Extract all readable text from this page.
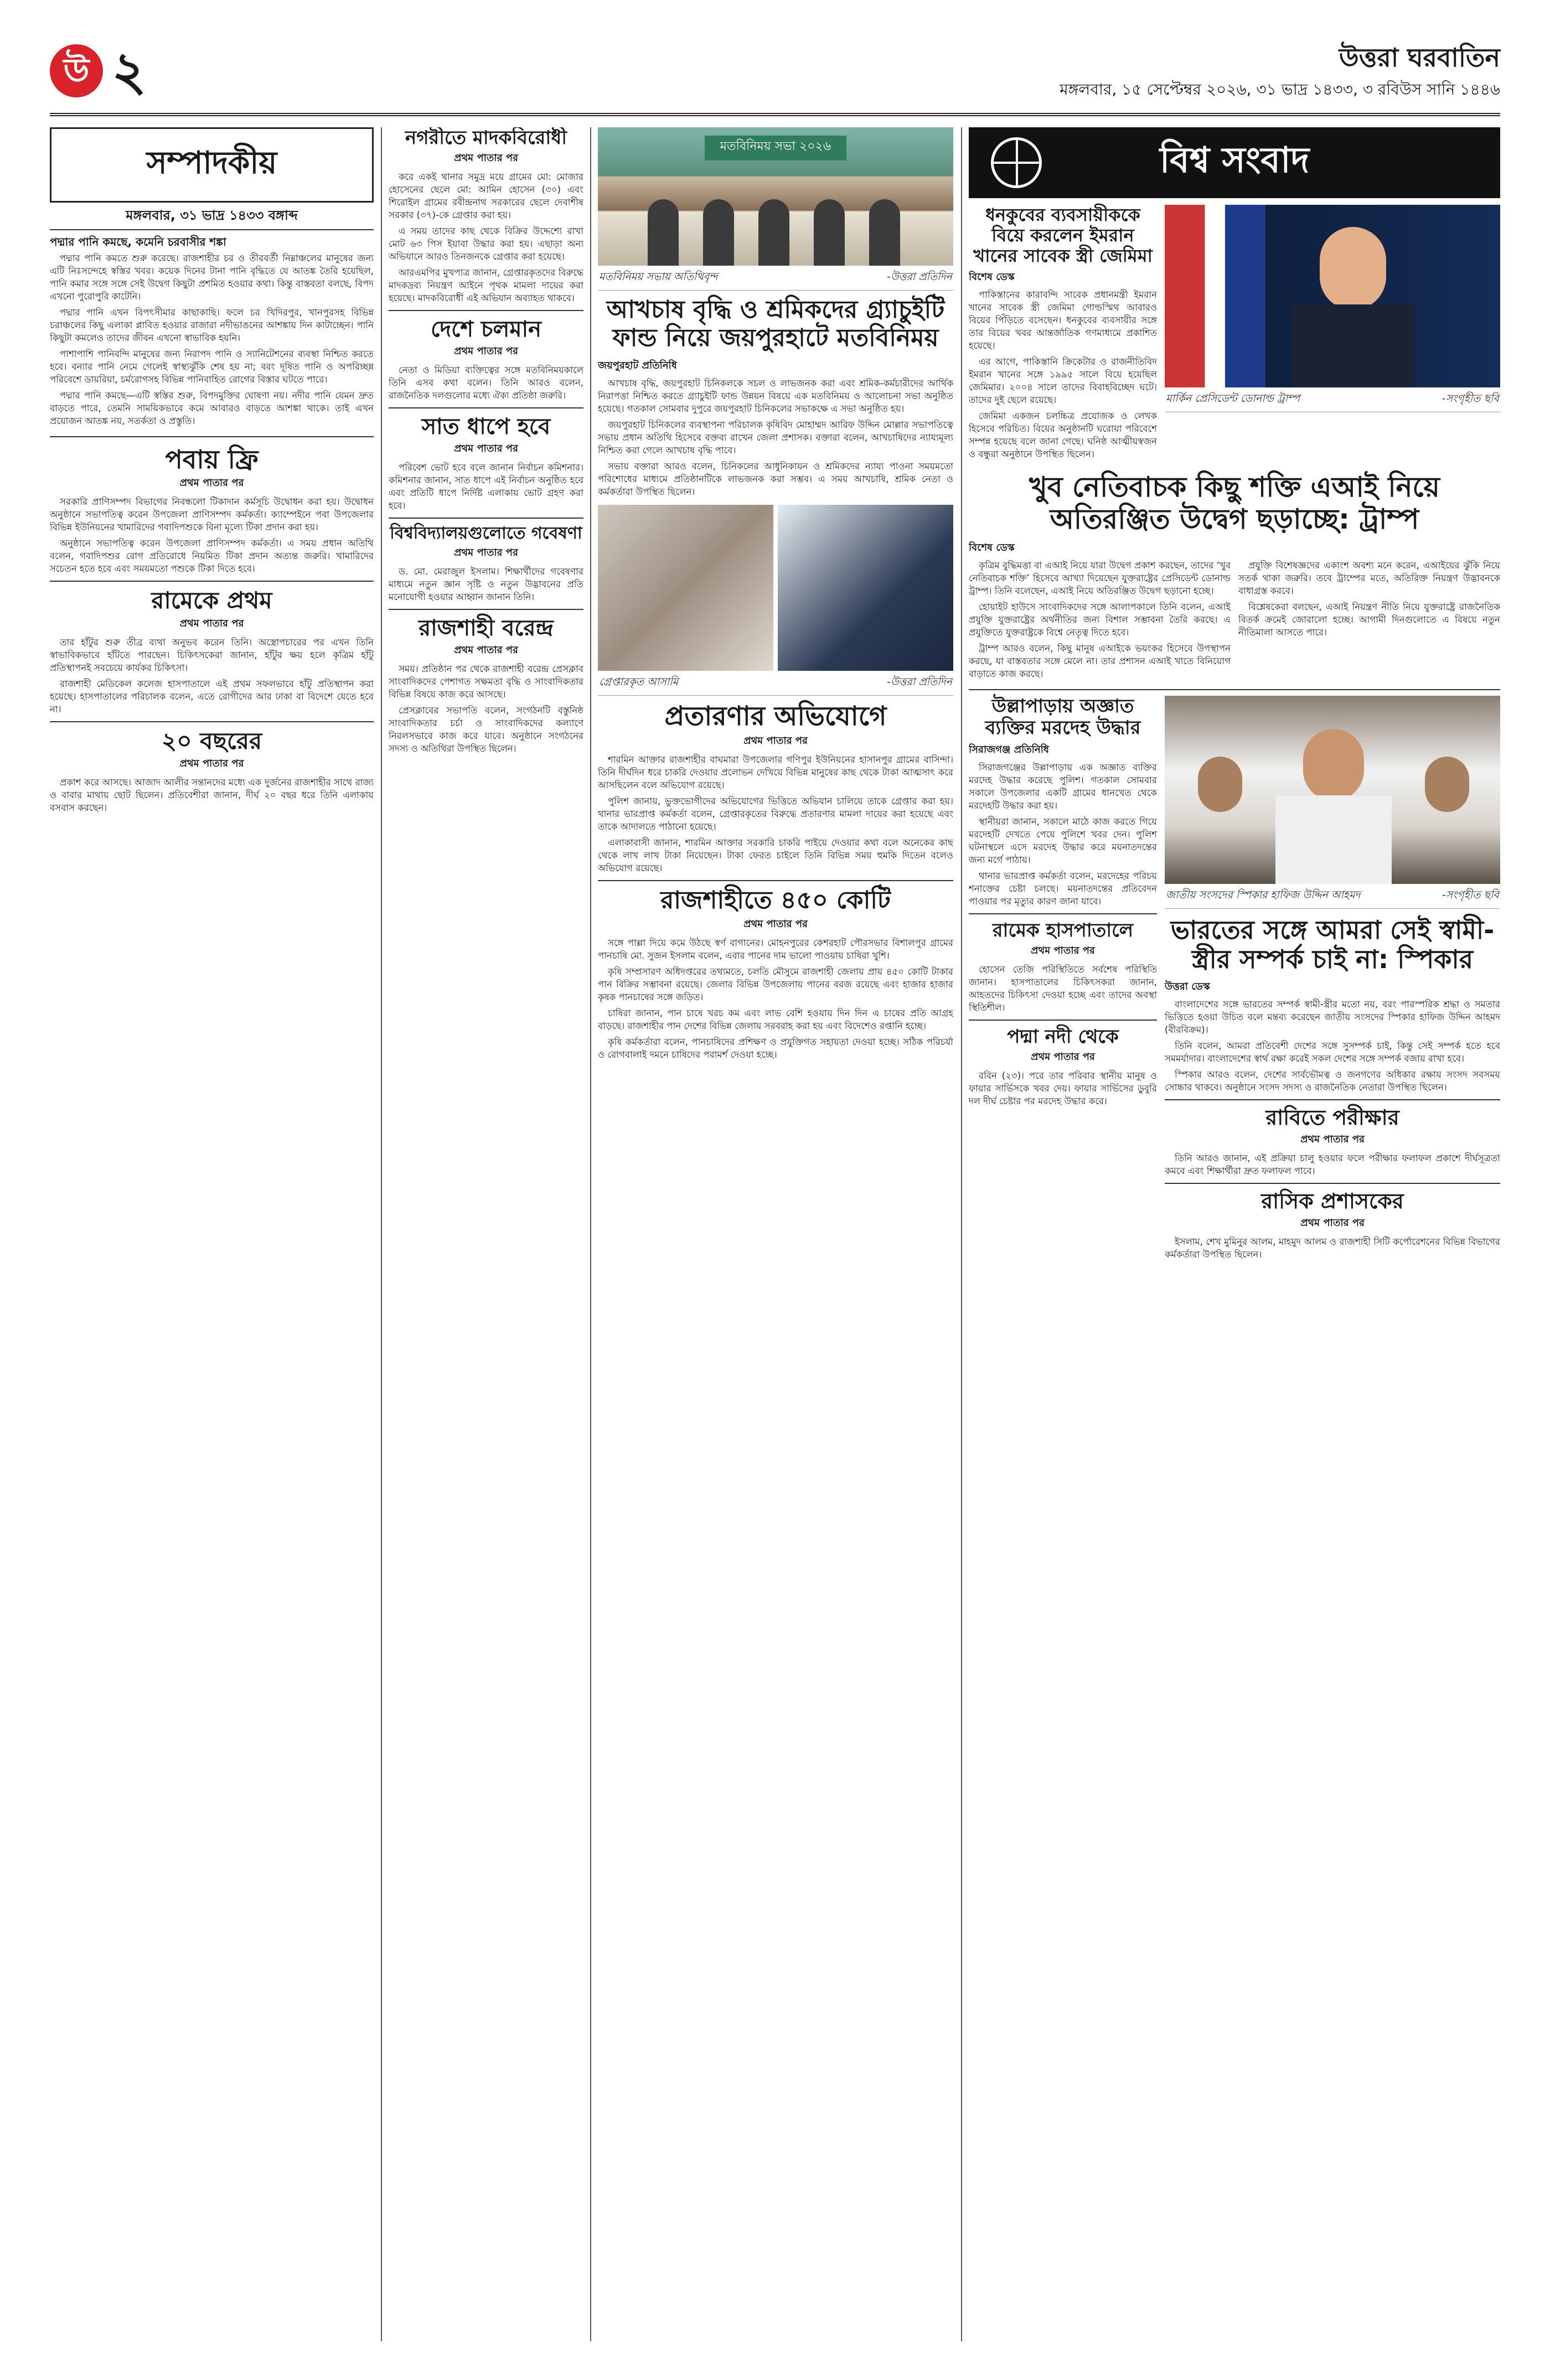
উ ২	উত্তরা ঘরবাতিন
মঙ্গলবার, ১৫ সেপ্টেম্বর ২০২৬, ৩১ ভাদ্র ১৪৩৩, ৩ রবিউস সানি ১৪৪৬
সম্পাদকীয়
মঙ্গলবার, ৩১ ভাদ্র ১৪৩৩ বঙ্গাব্দ
পদ্মার পানি কমছে, কমেনি চরবাসীর শঙ্কা

পদ্মার পানি কমতে শুরু করেছে। রাজশাহীর চর ও তীরবর্তী নিম্নাঞ্চলের মানুষের জন্য এটি নিঃসন্দেহে স্বস্তির খবর। কয়েক দিনের টানা পানি বৃদ্ধিতে যে আতঙ্ক তৈরি হয়েছিল, পানি কমার সঙ্গে সঙ্গে সেই উদ্বেগ কিছুটা প্রশমিত হওয়ার কথা। কিন্তু বাস্তবতা বলছে, বিপদ এখনো পুরোপুরি কাটেনি।

পদ্মার পানি এখন বিপৎসীমার কাছাকাছি। ফলে চর খিদিরপুর, খানপুরসহ বিভিন্ন চরাঞ্চলের কিছু এলাকা প্লাবিত হওয়ার রাজারা নদীভাঙনের আশঙ্কায় দিন কাটাচ্ছেন। পানি কিছুটা কমলেও তাদের জীবন এখনো স্বাভাবিক হয়নি।

পাশাপাশি পানিবন্দি মানুষের জন্য নিরাপদ পানি ও স্যানিটেশনের ব্যবস্থা নিশ্চিত করতে হবে। বন্যার পানি নেমে গেলেই স্বাস্থ্যঝুঁকি শেষ হয় না; বরং দূষিত পানি ও অপরিচ্ছন্ন পরিবেশে ডায়রিয়া, চর্মরোগসহ বিভিন্ন পানিবাহিত রোগের বিস্তার ঘটতে পারে।

পদ্মার পানি কমছে—এটি স্বস্তির শুরু, বিপদমুক্তির ঘোষণা নয়। নদীর পানি যেমন দ্রুত বাড়তে পারে, তেমনি সাময়িকভাবে কমে আবারও বাড়তে আশঙ্কা থাকে। তাই এখন প্রয়োজন আতঙ্ক নয়, সতর্কতা ও প্রস্তুতি।

পবায় ফ্রি
প্রথম পাতার পর

সরকারি প্রাণিসম্পদ বিভাগের নিবন্ধলো টিকাদান কর্মসূচি উদ্বোধন করা হয়। উদ্বোধন অনুষ্ঠানে সভাপতিত্ব করেন উপজেলা প্রাণিসম্পদ কর্মকর্তা। ক্যাম্পেইনে পবা উপজেলার বিভিন্ন ইউনিয়নের খামারিদের গবাদিপশুকে বিনা মূল্যে টিকা প্রদান করা হয়।

অনুষ্ঠানে সভাপতিত্ব করেন উপজেলা প্রাণিসম্পদ কর্মকর্তা। এ সময় প্রধান অতিথি বলেন, গবাদিপশুর রোগ প্রতিরোধে নিয়মিত টিকা প্রদান অত্যন্ত জরুরি। খামারিদের সচেতন হতে হবে এবং সময়মতো পশুকে টিকা দিতে হবে।

রামেকে প্রথম
প্রথম পাতার পর

তার হাঁটুর শুরু তীব্র ব্যথা অনুভব করেন তিনি। অস্ত্রোপচারের পর এখন তিনি স্বাভাবিকভাবে হাঁটতে পারছেন। চিকিৎসকেরা জানান, হাঁটুর ক্ষয় হলে কৃত্রিম হাঁটু প্রতিস্থাপনই সবচেয়ে কার্যকর চিকিৎসা।

রাজশাহী মেডিকেল কলেজ হাসপাতালে এই প্রথম সফলভাবে হাঁটু প্রতিস্থাপন করা হয়েছে। হাসপাতালের পরিচালক বলেন, এতে রোগীদের আর ঢাকা বা বিদেশে যেতে হবে না।

২০ বছরের
প্রথম পাতার পর

প্রকাশ করে আসছে। আজাদ আলীর সন্তানদের মধ্যে এক দুর্জনের রাজশাহীর সাথে রাজ্য ও বাবার মাথায় ছোট ছিলেন। প্রতিবেশীরা জানান, দীর্ঘ ২০ বছর ধরে তিনি এলাকায় বসবাস করছেন।

নগরীতে মাদকবিরোধী
প্রথম পাতার পর

করে একই থানার সমুদ্র ময়ে গ্রামের মো: মোজার হোসেনের ছেলে মো: আমিন হোসেন (৩০) এবং শিরোইল গ্রামের রবীন্দ্রনাথ সরকারের ছেলে দেবাশীষ সরকার (৩৭)-কে গ্রেপ্তার করা হয়।

এ সময় তাদের কাছ থেকে বিক্রির উদ্দেশ্যে রাখা মোট ৬৩ পিস ইয়াবা উদ্ধার করা হয়। এছাড়া অন্য অভিযানে আরও তিনজনকে গ্রেপ্তার করা হয়েছে।

আরএমপির মুখপাত্র জানান, গ্রেপ্তারকৃতদের বিরুদ্ধে মাদকদ্রব্য নিয়ন্ত্রণ আইনে পৃথক মামলা দায়ের করা হয়েছে। মাদকবিরোধী এই অভিযান অব্যাহত থাকবে।

দেশে চলমান
প্রথম পাতার পর

নেতা ও মিডিয়া ব্যক্তিত্বের সঙ্গে মতবিনিময়কালে তিনি এসব কথা বলেন। তিনি আরও বলেন, রাজনৈতিক দলগুলোর মধ্যে ঐক্য প্রতিষ্ঠা জরুরি।

সাত ধাপে হবে
প্রথম পাতার পর

পরিবেশ ভোট হবে বলে জানান নির্বাচন কমিশনার। কমিশনার জানান, সাত ধাপে এই নির্বাচন অনুষ্ঠিত হবে এবং প্রতিটি ধাপে নির্দিষ্ট এলাকায় ভোট গ্রহণ করা হবে।

বিশ্ববিদ্যালয়গুলোতে গবেষণা
প্রথম পাতার পর

ড. মো. মেরাজুল ইসলাম। শিক্ষার্থীদের গবেষণার মাধ্যমে নতুন জ্ঞান সৃষ্টি ও নতুন উদ্ভাবনের প্রতি মনোযোগী হওয়ার আহ্বান জানান তিনি।

রাজশাহী বরেন্দ্র
প্রথম পাতার পর

সময়। প্রতিষ্ঠান পর থেকে রাজশাহী বরেন্দ্র প্রেসক্লাব সাংবাদিকদের পেশাগত সক্ষমতা বৃদ্ধি ও সাংবাদিকতার বিভিন্ন বিষয়ে কাজ করে আসছে।

প্রেসক্লাবের সভাপতি বলেন, সংগঠনটি বস্তুনিষ্ঠ সাংবাদিকতার চর্চা ও সাংবাদিকদের কল্যাণে নিরলসভাবে কাজ করে যাবে। অনুষ্ঠানে সংগঠনের সদস্য ও অতিথিরা উপস্থিত ছিলেন।

মতবিনিময় সভা ২০২৬
মতবিনিময় সভায় অতিথিবৃন্দ	-উত্তরা প্রতিদিন
আখচাষ বৃদ্ধি ও শ্রমিকদের গ্র্যাচুইটি ফান্ড নিয়ে জয়পুরহাটে মতবিনিময়
জয়পুরহাট প্রতিনিধি

আখচাষ বৃদ্ধি, জয়পুরহাট চিনিকলকে সচল ও লাভজনক করা এবং শ্রমিক-কর্মচারীদের আর্থিক নিরাপত্তা নিশ্চিত করতে গ্র্যাচুইটি ফান্ড উন্নয়ন বিষয়ে এক মতবিনিময় ও আলোচনা সভা অনুষ্ঠিত হয়েছে। গতকাল সোমবার দুপুরে জয়পুরহাট চিনিকলের সভাকক্ষে এ সভা অনুষ্ঠিত হয়।

জয়পুরহাট চিনিকলের ব্যবস্থাপনা পরিচালক কৃষিবিদ মোহাম্মদ আরিফ উদ্দিন মোল্লার সভাপতিত্বে সভায় প্রধান অতিথি হিসেবে বক্তব্য রাখেন জেলা প্রশাসক। বক্তারা বলেন, আখচাষিদের ন্যায্যমূল্য নিশ্চিত করা গেলে আখচাষ বৃদ্ধি পাবে।

সভায় বক্তারা আরও বলেন, চিনিকলের আধুনিকায়ন ও শ্রমিকদের ন্যায্য পাওনা সময়মতো পরিশোধের মাধ্যমে প্রতিষ্ঠানটিকে লাভজনক করা সম্ভব। এ সময় আখচাষি, শ্রমিক নেতা ও কর্মকর্তারা উপস্থিত ছিলেন।

গ্রেপ্তারকৃত আসামি	-উত্তরা প্রতিদিন
প্রতারণার অভিযোগে
প্রথম পাতার পর

শারমিন আক্তার রাজশাহীর বাঘমারা উপজেলার গণিপুর ইউনিয়নের হাসানপুর গ্রামের বাসিন্দা। তিনি দীর্ঘদিন ধরে চাকরি দেওয়ার প্রলোভন দেখিয়ে বিভিন্ন মানুষের কাছ থেকে টাকা আত্মসাৎ করে আসছিলেন বলে অভিযোগ রয়েছে।

পুলিশ জানায়, ভুক্তভোগীদের অভিযোগের ভিত্তিতে অভিযান চালিয়ে তাকে গ্রেপ্তার করা হয়। থানার ভারপ্রাপ্ত কর্মকর্তা বলেন, গ্রেপ্তারকৃতের বিরুদ্ধে প্রতারণার মামলা দায়ের করা হয়েছে এবং তাকে আদালতে পাঠানো হয়েছে।

এলাকাবাসী জানান, শারমিন আক্তার সরকারি চাকরি পাইয়ে দেওয়ার কথা বলে অনেকের কাছ থেকে লাখ লাখ টাকা নিয়েছেন। টাকা ফেরত চাইলে তিনি বিভিন্ন সময় হুমকি দিতেন বলেও অভিযোগ রয়েছে।

রাজশাহীতে ৪৫০ কোটি
প্রথম পাতার পর

সঙ্গে পাল্লা দিয়ে কমে উঠছে স্বর্ণ বাগানের। মোহনপুরের কেশরহাট পৌরসভার বিশালপুর গ্রামের পানচাষি মো. সুজন ইসলাম বলেন, এবার পানের দাম ভালো পাওয়ায় চাষিরা খুশি।

কৃষি সম্প্রসারণ অধিদপ্তরের তথ্যমতে, চলতি মৌসুমে রাজশাহী জেলায় প্রায় ৪৫০ কোটি টাকার পান বিক্রির সম্ভাবনা রয়েছে। জেলার বিভিন্ন উপজেলায় পানের বরজ রয়েছে এবং হাজার হাজার কৃষক পানচাষের সঙ্গে জড়িত।

চাষিরা জানান, পান চাষে খরচ কম এবং লাভ বেশি হওয়ায় দিন দিন এ চাষের প্রতি আগ্রহ বাড়ছে। রাজশাহীর পান দেশের বিভিন্ন জেলায় সরবরাহ করা হয় এবং বিদেশেও রপ্তানি হচ্ছে।

কৃষি কর্মকর্তারা বলেন, পানচাষিদের প্রশিক্ষণ ও প্রযুক্তিগত সহায়তা দেওয়া হচ্ছে। সঠিক পরিচর্যা ও রোগবালাই দমনে চাষিদের পরামর্শ দেওয়া হচ্ছে।

বিশ্ব সংবাদ
ধনকুবের ব্যবসায়ীককে বিয়ে করলেন ইমরান খানের সাবেক স্ত্রী জেমিমা
বিশেষ ডেস্ক

পাকিস্তানের কারাবন্দি সাবেক প্রধানমন্ত্রী ইমরান খানের সাবেক স্ত্রী জেমিমা গোল্ডস্মিথ আবারও বিয়ের পিঁড়িতে বসেছেন। ধনকুবের ব্যবসায়ীর সঙ্গে তার বিয়ের খবর আন্তর্জাতিক গণমাধ্যমে প্রকাশিত হয়েছে।

এর আগে, পাকিস্তানি ক্রিকেটার ও রাজনীতিবিদ ইমরান খানের সঙ্গে ১৯৯৫ সালে বিয়ে হয়েছিল জেমিমার। ২০০৪ সালে তাদের বিবাহবিচ্ছেদ ঘটে। তাদের দুই ছেলে রয়েছে।

জেমিমা একজন চলচ্চিত্র প্রযোজক ও লেখক হিসেবে পরিচিত। বিয়ের অনুষ্ঠানটি ঘরোয়া পরিবেশে সম্পন্ন হয়েছে বলে জানা গেছে। ঘনিষ্ঠ আত্মীয়স্বজন ও বন্ধুরা অনুষ্ঠানে উপস্থিত ছিলেন।

মার্কিন প্রেসিডেন্ট ডোনাল্ড ট্রাম্প	-সংগৃহীত ছবি
খুব নেতিবাচক কিছু শক্তি এআই নিয়ে অতিরঞ্জিত উদ্বেগ ছড়াচ্ছে: ট্রাম্প
বিশেষ ডেস্ক

কৃত্রিম বুদ্ধিমত্তা বা এআই নিয়ে যারা উদ্বেগ প্রকাশ করছেন, তাদের ‘খুব নেতিবাচক শক্তি’ হিসেবে আখ্যা দিয়েছেন যুক্তরাষ্ট্রের প্রেসিডেন্ট ডোনাল্ড ট্রাম্প। তিনি বলেছেন, এআই নিয়ে অতিরঞ্জিত উদ্বেগ ছড়ানো হচ্ছে।

হোয়াইট হাউসে সাংবাদিকদের সঙ্গে আলাপকালে তিনি বলেন, এআই প্রযুক্তি যুক্তরাষ্ট্রের অর্থনীতির জন্য বিশাল সম্ভাবনা তৈরি করছে। এ প্রযুক্তিতে যুক্তরাষ্ট্রকে বিশ্বে নেতৃত্ব দিতে হবে।

ট্রাম্প আরও বলেন, কিছু মানুষ এআইকে ভয়ংকর হিসেবে উপস্থাপন করছে, যা বাস্তবতার সঙ্গে মেলে না। তার প্রশাসন এআই খাতে বিনিয়োগ বাড়াতে কাজ করছে।

প্রযুক্তি বিশেষজ্ঞদের একাংশ অবশ্য মনে করেন, এআইয়ের ঝুঁকি নিয়ে সতর্ক থাকা জরুরি। তবে ট্রাম্পের মতে, অতিরিক্ত নিয়ন্ত্রণ উদ্ভাবনকে বাধাগ্রস্ত করবে।

বিশ্লেষকেরা বলছেন, এআই নিয়ন্ত্রণ নীতি নিয়ে যুক্তরাষ্ট্রে রাজনৈতিক বিতর্ক ক্রমেই জোরালো হচ্ছে। আগামী দিনগুলোতে এ বিষয়ে নতুন নীতিমালা আসতে পারে।

উল্লাপাড়ায় অজ্ঞাত ব্যক্তির মরদেহ উদ্ধার
সিরাজগঞ্জ প্রতিনিধি

সিরাজগঞ্জের উল্লাপাড়ায় এক অজ্ঞাত ব্যক্তির মরদেহ উদ্ধার করেছে পুলিশ। গতকাল সোমবার সকালে উপজেলার একটি গ্রামের ধানখেত থেকে মরদেহটি উদ্ধার করা হয়।

স্থানীয়রা জানান, সকালে মাঠে কাজ করতে গিয়ে মরদেহটি দেখতে পেয়ে পুলিশে খবর দেন। পুলিশ ঘটনাস্থলে এসে মরদেহ উদ্ধার করে ময়নাতদন্তের জন্য মর্গে পাঠায়।

থানার ভারপ্রাপ্ত কর্মকর্তা বলেন, মরদেহের পরিচয় শনাক্তের চেষ্টা চলছে। ময়নাতদন্তের প্রতিবেদন পাওয়ার পর মৃত্যুর কারণ জানা যাবে।

রামেক হাসপাতালে
প্রথম পাতার পর

হোসেন তেজি পরিস্থিতিতে সর্বশেষ পরিস্থিতি জানান। হাসপাতালের চিকিৎসকরা জানান, আহতদের চিকিৎসা দেওয়া হচ্ছে এবং তাদের অবস্থা স্থিতিশীল।

পদ্মা নদী থেকে
প্রথম পাতার পর

রবিন (২৩)। পরে তার পরিবার স্থানীয় মানুষ ও ফায়ার সার্ভিসকে খবর দেয়। ফায়ার সার্ভিসের ডুবুরি দল দীর্ঘ চেষ্টার পর মরদেহ উদ্ধার করে।

জাতীয় সংসদের স্পিকার হাফিজ উদ্দিন আহমদ	-সংগৃহীত ছবি
ভারতের সঙ্গে আমরা সেই স্বামী-স্ত্রীর সম্পর্ক চাই না: স্পিকার
উত্তরা ডেস্ক

বাংলাদেশের সঙ্গে ভারতের সম্পর্ক স্বামী-স্ত্রীর মতো নয়, বরং পারস্পরিক শ্রদ্ধা ও সমতার ভিত্তিতে হওয়া উচিত বলে মন্তব্য করেছেন জাতীয় সংসদের স্পিকার হাফিজ উদ্দিন আহমদ (বীরবিক্রম)।

তিনি বলেন, আমরা প্রতিবেশী দেশের সঙ্গে সুসম্পর্ক চাই, কিন্তু সেই সম্পর্ক হতে হবে সমমর্যাদার। বাংলাদেশের স্বার্থ রক্ষা করেই সকল দেশের সঙ্গে সম্পর্ক বজায় রাখা হবে।

স্পিকার আরও বলেন, দেশের সার্বভৌমত্ব ও জনগণের অধিকার রক্ষায় সংসদ সবসময় সোচ্চার থাকবে। অনুষ্ঠানে সংসদ সদস্য ও রাজনৈতিক নেতারা উপস্থিত ছিলেন।

রাবিতে পরীক্ষার
প্রথম পাতার পর

তিনি আরও জানান, এই প্রক্রিয়া চালু হওয়ার ফলে পরীক্ষার ফলাফল প্রকাশে দীর্ঘসূত্রতা কমবে এবং শিক্ষার্থীরা দ্রুত ফলাফল পাবে।

রাসিক প্রশাসকের
প্রথম পাতার পর

ইসলাম, শেখ মুমিনুর আলম, মাহমুদ আলম ও রাজশাহী সিটি কর্পোরেশনের বিভিন্ন বিভাগের কর্মকর্তারা উপস্থিত ছিলেন।
